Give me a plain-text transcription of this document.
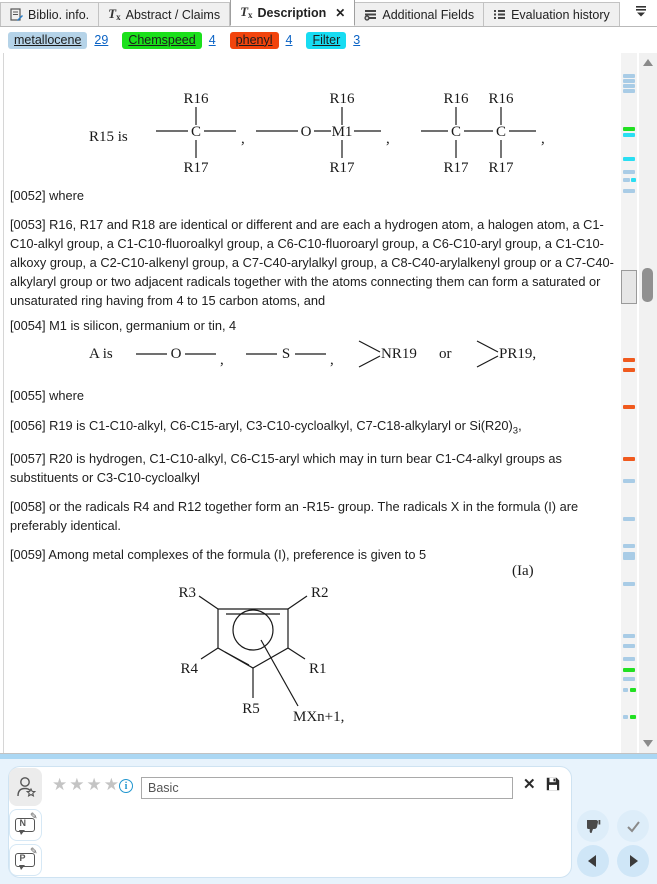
Biblio. info. Tx Abstract / Claims Tx Description ✕	Additional Fields	Evaluation history
metallocene	29	Chemspeed	4	phenyl	4	Filter	3
R15 is
R16
C
R17
,
R16
O M1
R17
,
R16 R16
C C
R17 R17
,

[0052] where

[0053] R16, R17 and R18 are identical or different and are each a hydrogen atom, a halogen atom, a C1-C10-alkyl group, a C1-C10-fluoroalkyl group, a C6-C10-fluoroaryl group, a C6-C10-aryl group, a C1-C10-alkoxy group, a C2-C10-alkenyl group, a C7-C40-arylalkyl group, a C8-C40-arylalkenyl group or a C7-C40-alkylaryl group or two adjacent radicals together with the atoms connecting them can form a saturated or unsaturated ring having from 4 to 15 carbon atoms, and

[0054] M1 is silicon, germanium or tin, 4

A is	O	,	S	,	NR19 or	PR19,

[0055] where

[0056] R19 is C1-C10-alkyl, C6-C15-aryl, C3-C10-cycloalkyl, C7-C18-alkylaryl or $Si(R20)_3$,

[0057] R20 is hydrogen, C1-C10-alkyl, C6-C15-aryl which may in turn bear C1-C4-alkyl groups as substituents or C3-C10-cycloalkyl

[0058] or the radicals R4 and R12 together form an -R15- group. The radicals X in the formula (I) are preferably identical.

[0059] Among metal complexes of the formula (I), preference is given to 5

(Ia)
R3	R2
R4	R1
R5 MXn+1,
N
✎
P
✎
★★★★ i
Basic	✕
